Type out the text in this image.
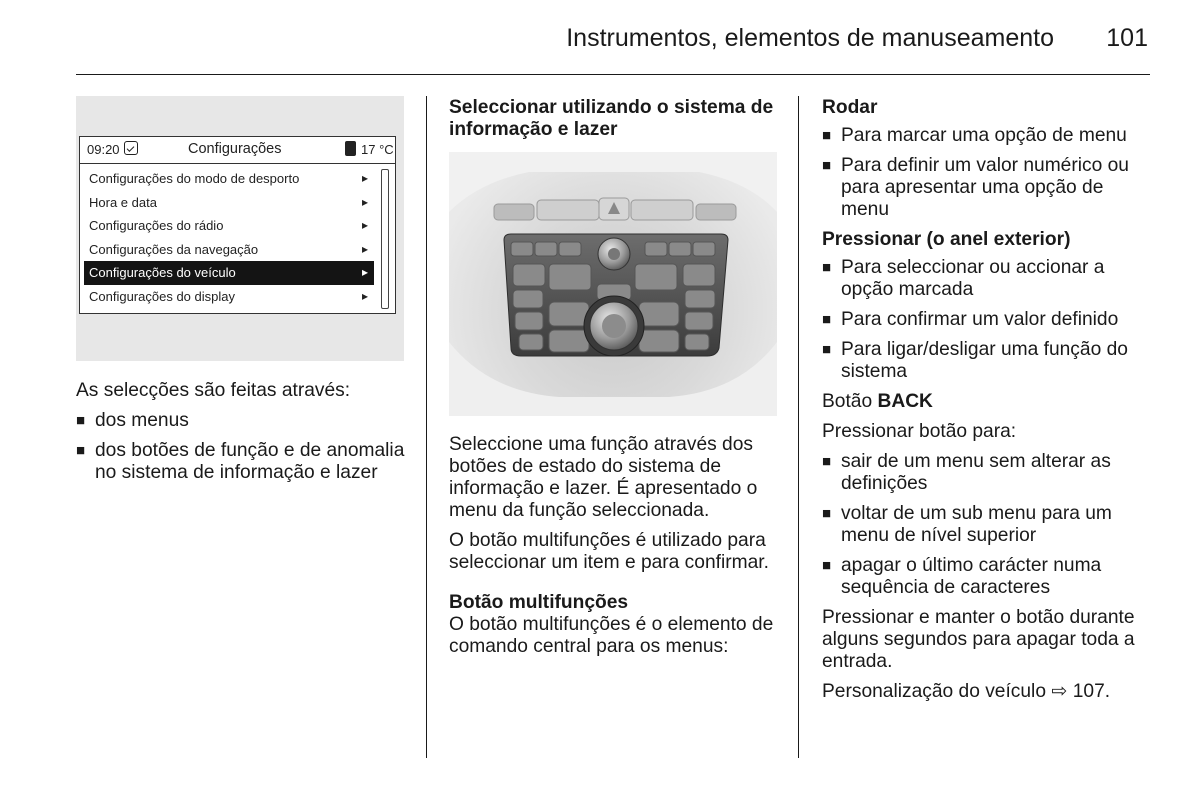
Instrumentos, elementos de manuseamento 101
09:20	Configurações	17 °C
Configurações do modo de desporto	▸
Hora e data	▸
Configurações do rádio	▸
Configurações da navegação	▸
Configurações do veículo	▸
Configurações do display	▸

As selecções são feitas através:

■ dos menus
■ dos botões de função e de anomalia no sistema de informação e lazer

Seleccionar utilizando o sistema de informação e lazer

Seleccione uma função através dos botões de estado do sistema de informação e lazer. É apresentado o menu da função seleccionada.

O botão multifunções é utilizado para seleccionar um item e para confirmar.

Botão multifunções

O botão multifunções é o elemento de comando central para os menus:

Rodar

■ Para marcar uma opção de menu
■ Para definir um valor numérico ou para apresentar uma opção de menu

Pressionar (o anel exterior)

■ Para seleccionar ou accionar a opção marcada
■ Para confirmar um valor definido
■ Para ligar/desligar uma função do sistema

Botão BACK

Pressionar botão para:

■ sair de um menu sem alterar as definições
■ voltar de um sub menu para um menu de nível superior
■ apagar o último carácter numa sequência de caracteres

Pressionar e manter o botão durante alguns segundos para apagar toda a entrada.

Personalização do veículo ⇨ 107.
